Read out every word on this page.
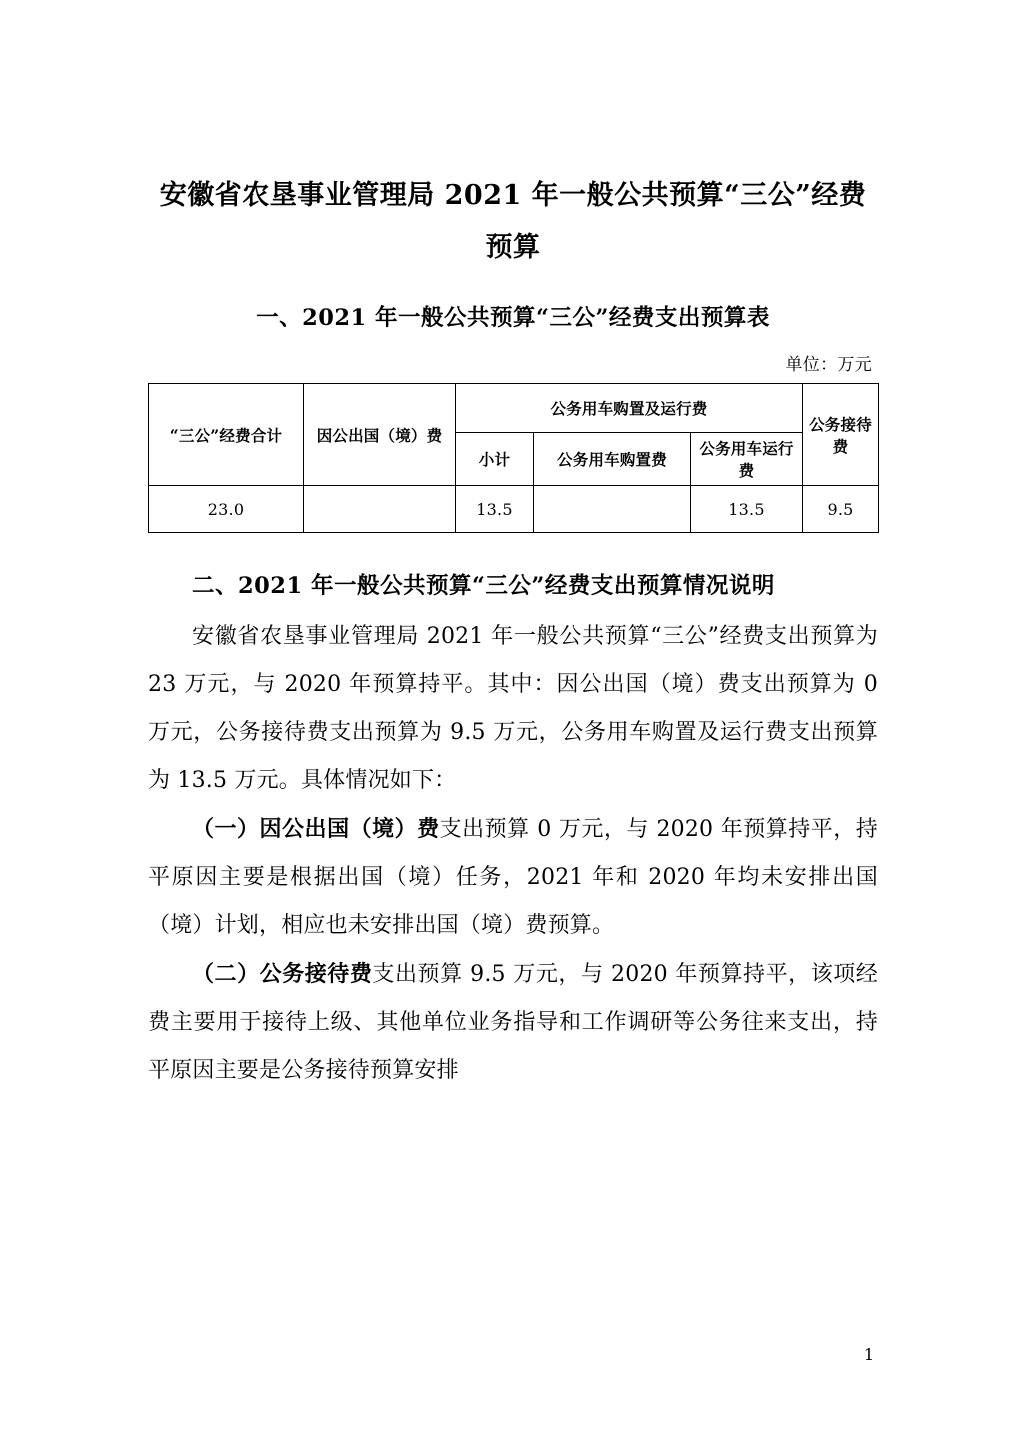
安徽省农垦事业管理局 2021 年一般公共预算“三公”经费预算
一、2021 年一般公共预算“三公”经费支出预算表
单位：万元
“三公”经费合计	因公出国（境）费	公务用车购置及运行费			公务接待费
		小计	公务用车购置费	公务用车运行费	
23.0		13.5		13.5	9.5
二、2021 年一般公共预算“三公”经费支出预算情况说明

安徽省农垦事业管理局 2021 年一般公共预算“三公”经费支出预算为 23 万元，与 2020 年预算持平。其中：因公出国（境）费支出预算为 0 万元，公务接待费支出预算为 9.5 万元，公务用车购置及运行费支出预算为 13.5 万元。具体情况如下：

（一）因公出国（境）费支出预算 0 万元，与 2020 年预算持平，持平原因主要是根据出国（境）任务，2021 年和 2020 年均未安排出国（境）计划，相应也未安排出国（境）费预算。

（二）公务接待费支出预算 9.5 万元，与 2020 年预算持平，该项经费主要用于接待上级、其他单位业务指导和工作调研等公务往来支出，持平原因主要是公务接待预算安排

1
